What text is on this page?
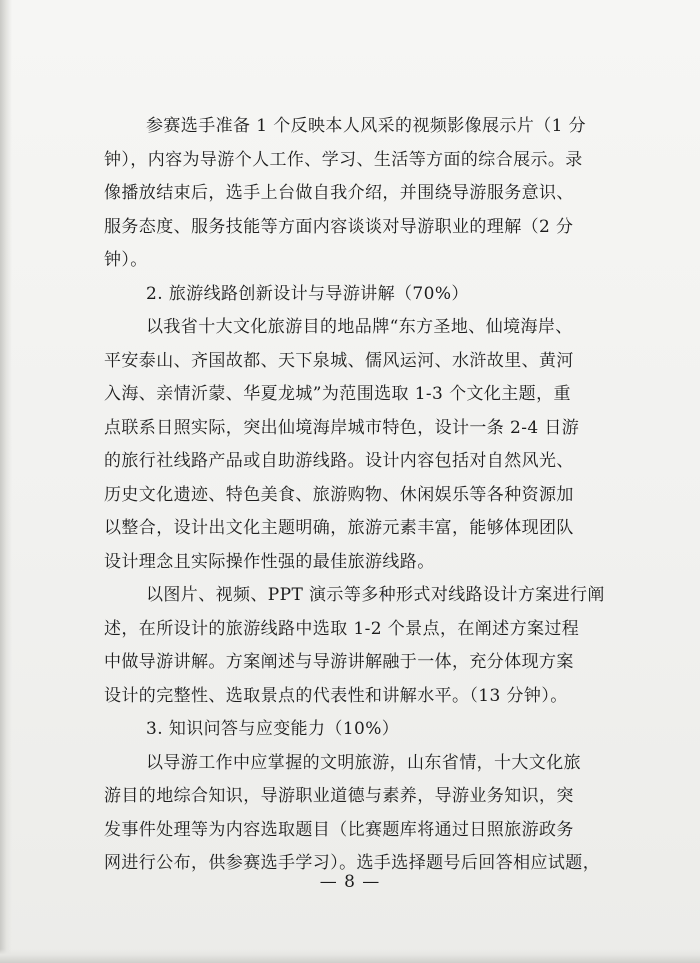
参赛选手准备 1 个反映本人风采的视频影像展示片（1 分
钟），内容为导游个人工作、学习、生活等方面的综合展示。录
像播放结束后，选手上台做自我介绍，并围绕导游服务意识、
服务态度、服务技能等方面内容谈谈对导游职业的理解（2 分
钟）。
2. 旅游线路创新设计与导游讲解（70%）
以我省十大文化旅游目的地品牌“东方圣地、仙境海岸、
平安泰山、齐国故都、天下泉城、儒风运河、水浒故里、黄河
入海、亲情沂蒙、华夏龙城”为范围选取 1-3 个文化主题，重
点联系日照实际，突出仙境海岸城市特色，设计一条 2-4 日游
的旅行社线路产品或自助游线路。设计内容包括对自然风光、
历史文化遗迹、特色美食、旅游购物、休闲娱乐等各种资源加
以整合，设计出文化主题明确，旅游元素丰富，能够体现团队
设计理念且实际操作性强的最佳旅游线路。
以图片、视频、PPT 演示等多种形式对线路设计方案进行阐
述，在所设计的旅游线路中选取 1-2 个景点，在阐述方案过程
中做导游讲解。方案阐述与导游讲解融于一体，充分体现方案
设计的完整性、选取景点的代表性和讲解水平。（13 分钟）。
3. 知识问答与应变能力（10%）
以导游工作中应掌握的文明旅游，山东省情，十大文化旅
游目的地综合知识，导游职业道德与素养，导游业务知识，突
发事件处理等为内容选取题目（比赛题库将通过日照旅游政务
网进行公布，供参赛选手学习）。选手选择题号后回答相应试题，
— 8 —
